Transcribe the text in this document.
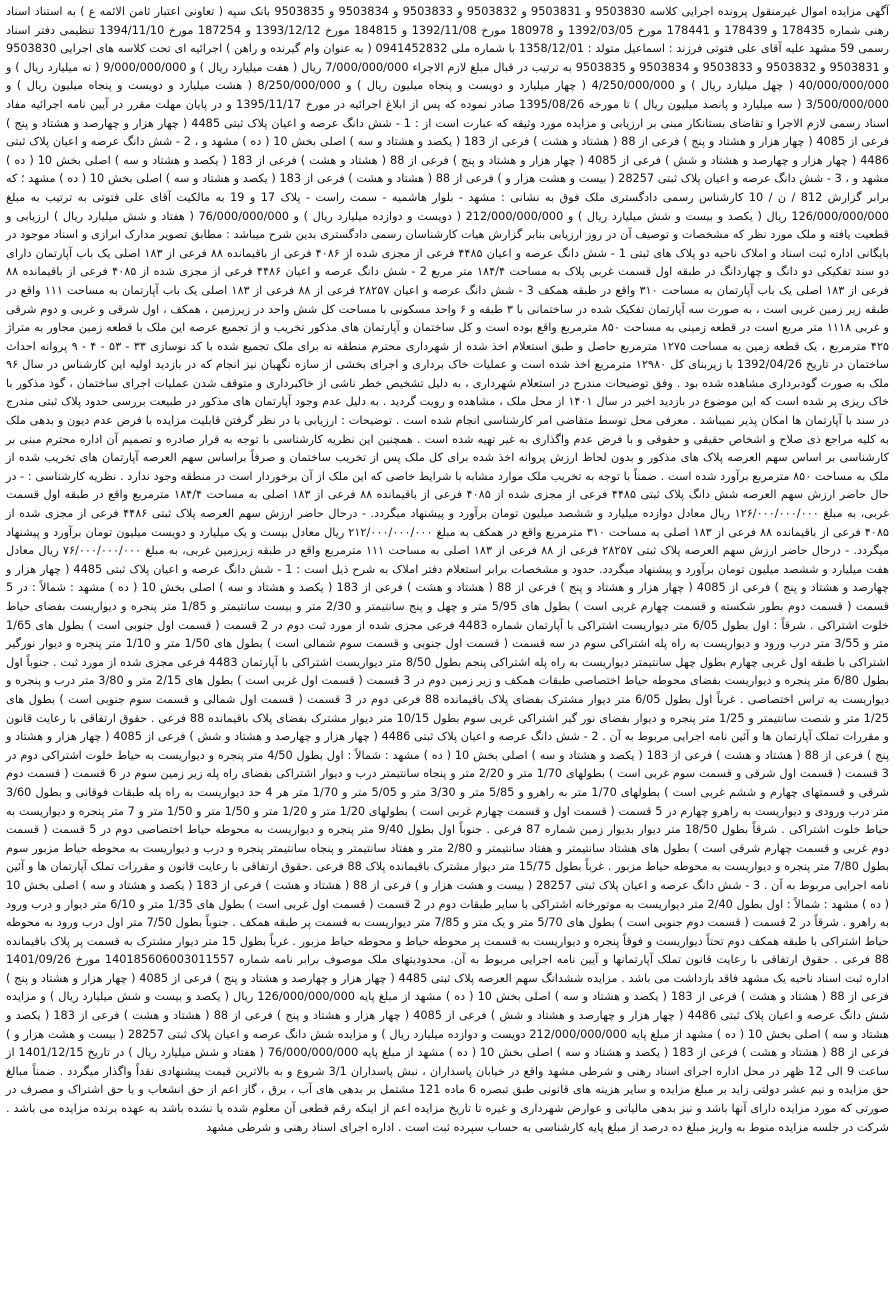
آگهی مزایده اموال غیرمنقول پرونده اجرایی کلاسه 9503830 و 9503831 و 9503832 و 9503833 و 9503834 و 9503835 بانک سپه ( تعاونی اعتبار ثامن الائمه ع ) به استناد اسناد رهنی شماره 178435 و 178439 و 178441 مورخ 1392/03/05 و 180978 مورخ 1392/11/08 و 184815 مورخ 1393/12/12 و 187254 مورخ 1394/11/10 تنظیمی دفتر اسناد رسمی 59 مشهد علیه آقای علی فتوتی فرزند : اسماعیل متولد : 1358/12/01 با شماره ملی 0941452832 ( به عنوان وام گیرنده و راهن ) اجرائیه ای تحت کلاسه های اجرایی 9503830 و 9503831 و 9503832 و 9503833 و 9503834 و 9503835 به ترتیب در قبال مبلغ لازم الاجراء 7/000/000/000 ریال ( هفت میلیارد ریال ) و 9/000/000/000 ( نه میلیارد ریال ) و 40/000/000/000 ( چهل میلیارد ریال ) و 4/250/000/000 ( چهار میلیارد و دویست و پنجاه میلیون ریال ) و 8/250/000/000 ( هشت میلیارد و دویست و پنجاه میلیون ریال ) و 3/500/000/000 ( سه میلیارد و پانصد میلیون ریال ) تا مورخه 1395/08/26 صادر نموده که پس از ابلاغ اجرائیه در مورخ 1395/11/17 و در پایان مهلت مقرر در آیین نامه اجرائیه مفاد اسناد رسمی لازم الاجرا و تقاضای بستانکار مبنی بر ارزیابی و مزایده مورد وثیقه که عبارت است از : 1 - شش دانگ عرصه و اعیان پلاک ثبتی 4485 ( چهار هزار و چهارصد و هشتاد و پنج ) فرعی از 4085 ( چهار هزار و هشتاد و پنج ) فرعی از 88 ( هشتاد و هشت ) فرعی از 183 ( یکصد و هشتاد و سه ) اصلی بخش 10 ( ده ) مشهد و ، 2 - شش دانگ عرصه و اعیان پلاک ثبتی 4486 ( چهار هزار و چهارصد و هشتاد و شش ) فرعی از 4085 ( چهار هزار و هشتاد و پنج ) فرعی از 88 ( هشتاد و هشت ) فرعی از 183 ( یکصد و هشتاد و سه ) اصلی بخش 10 ( ده ) مشهد و ، 3 - شش دانگ عرصه و اعیان پلاک ثبتی 28257 ( بیست و هشت هزار و ) فرعی از 88 ( هشتاد و هشت ) فرعی از 183 ( یکصد و هشتاد و سه ) اصلی بخش 10 ( ده ) مشهد ؛ که برابر گزارش 812 / ن / 10 کارشناس رسمی دادگستری ملک فوق به نشانی : مشهد - بلوار هاشمیه - سمت راست - پلاک 17 و 19 به مالکیت آقای علی فتوتی به ترتیب به مبلغ 126/000/000/000 ریال ( یکصد و بیست و شش میلیارد ریال ) و 212/000/000/000 ( دویست و دوازده میلیارد ریال ) و 76/000/000/000 ( هفتاد و شش میلیارد ریال ) ارزیابی و قطعیت یافته و ملک مورد نظر که مشخصات و توصیف آن در روز ارزیابی بنابر گزارش هیات کارشناسان رسمی دادگستری بدین شرح میباشد : مطابق تصویر مدارک ابرازی و اسناد موجود در بایگانی اداره ثبت اسناد و املاک ناحیه دو پلاک های ثبتی 1 - شش دانگ عرصه و اعیان ۴۴۸۵ فرعی از مجزی شده از ۴۰۸۶ فرعی از باقیمانده ۸۸ فرعی از ۱۸۳ اصلی یک باب آپارتمان دارای دو سند تفکیکی دو دانگ و چهاردانگ در طبقه اول قسمت غربی پلاک به مساحت ۱۸۴/۴ متر مربع 2 - شش دانگ عرصه و اعیان ۴۴۸۶ فرعی از مجزی شده از ۴۰۸۵ فرعی از باقیمانده ۸۸ فرعی از ۱۸۳ اصلی یک باب آپارتمان به مساحت ۳۱۰ واقع در طبقه همکف 3 - شش دانگ عرصه و اعیان ۲۸۲۵۷ فرعی از ۸۸ فرعی از ۱۸۳ اصلی یک باب آپارتمان به مساحت ۱۱۱ واقع در طبقه زیر زمین غربی است ، به صورت سه آپارتمان تفکیک شده در ساختمانی با ۳ طبقه و ۶ واحد مسکونی با مساحت کل شش واحد در زیرزمین ، همکف ، اول شرقی و غربی و دوم شرقی و غربی ۱۱۱۸ متر مربع است در قطعه زمینی به مساحت ۸۵۰ مترمربع واقع بوده است و کل ساختمان و آپارتمان های مذکور تخریب و از تجمیع عرصه این ملک با قطعه زمین مجاور به متراژ ۴۲۵ مترمربع ، یک قطعه زمین به مساحت ۱۲۷۵ مترمربع حاصل و طبق استعلام اخذ شده از شهرداری محترم منطقه نه برای ملک تجمیع شده با کد نوسازی ۳۳ - ۵۳ - ۴ - ۹ پروانه احداث ساختمان در تاریخ 1392/04/26 با زیربنای کل ۱۲۹۸۰ مترمربع اخذ شده است و عملیات خاک برداری و اجرای بخشی از سازه نگهبان نیز انجام که در بازدید اولیه این کارشناس در سال ۹۶ ملک به صورت گودبرداری مشاهده شده بود . وفق توضیحات مندرج در استعلام شهرداری ، به دلیل تشخیص خطر ناشی از خاکبرداری و متوقف شدن عملیات اجرای ساختمان ، گود مذکور با خاک ریزی پر شده است که این موضوع در بازدید اخیر در سال ۱۴۰۱ از محل ملک ، مشاهده و رویت گردید . به دلیل عدم وجود آپارتمان های مذکور در طبیعت بررسی حدود پلاک ثبتی مندرج در سند با آپارتمان ها امکان پذیر نمیباشد . معرفی محل توسط متقاضی امر کارشناسی انجام شده است . توضیحات : ارزیابی با در نظر گرفتن قابلیت مزایده با فرض عدم دیون و بدهی ملک به کلیه مراجع ذی صلاح و اشخاص حقیقی و حقوقی و با فرض عدم واگذاری به غیر تهیه شده است . همچنین این نظریه کارشناسی با توجه به قرار صادره و تصمیم آن اداره محترم مبنی بر کارشناسی بر اساس سهم العرصه پلاک های مذکور و بدون لحاظ ارزش پروانه اخذ شده برای کل ملک پس از تخریب ساختمان و صرفاً براساس سهم العرصه آپارتمان های تخریب شده از ملک به مساحت ۸۵۰ مترمربع برآورد شده است . ضمناً با توجه به تخریب ملک موارد مشابه با شرایط خاصی که این ملک از آن برخوردار است در منطقه وجود ندارد . نظریه کارشناسی : - در حال حاضر ارزش سهم العرصه شش دانگ پلاک ثبتی ۴۴۸۵ فرعی از مجزی شده از ۴۰۸۵ فرعی از باقیمانده ۸۸ فرعی از ۱۸۳ اصلی به مساحت ۱۸۴/۴ مترمربع واقع در طبقه اول قسمت غربی، به مبلغ ۱۲۶/۰۰۰/۰۰۰/۰۰۰ ریال معادل دوازده میلیارد و ششصد میلیون تومان برآورد و پیشنهاد میگردد. - درحال حاضر ارزش سهم العرصه پلاک ثبتی ۴۴۸۶ فرعی از مجزی شده از ۴۰۸۵ فرعی از باقیمانده ۸۸ فرعی از ۱۸۳ اصلی به مساحت ۳۱۰ مترمربع واقع در همکف به مبلغ ۲۱۲/۰۰۰/۰۰۰/۰۰۰ ریال معادل بیست و یک میلیارد و دویست میلیون تومان برآورد و پیشنهاد میگردد. - درحال حاضر ارزش سهم العرصه پلاک ثبتی ۲۸۲۵۷ فرعی از ۸۸ فرعی از ۱۸۳ اصلی به مساحت ۱۱۱ مترمربع واقع در طبقه زیرزمین غربی، به مبلغ ۷۶/۰۰۰/۰۰۰/۰۰۰ ریال معادل هفت میلیارد و ششصد میلیون تومان برآورد و پیشنهاد میگردد. حدود و مشخصات برابر استعلام دفتر املاک به شرح ذیل است : 1 - شش دانگ عرصه و اعیان پلاک ثبتی 4485 ( چهار هزار و چهارصد و هشتاد و پنج ) فرعی از 4085 ( چهار هزار و هشتاد و پنج ) فرعی از 88 ( هشتاد و هشت ) فرعی از 183 ( یکصد و هشتاد و سه ) اصلی بخش 10 ( ده ) مشهد : شمالاً : در 5 قسمت ( قسمت دوم بطور شکسته و قسمت چهارم غربی است ) بطول های 5/95 متر و چهل و پنج سانتیمتر و 2/30 متر و بیست سانتیمتر و 1/85 متر پنجره و دیواریست بفضای حیاط خلوت اشتراکی . شرقاً : اول بطول 6/05 متر دیواریست اشتراکی با آپارتمان شماره 4483 فرعی مجزی شده از مورد ثبت دوم در 2 قسمت ( قسمت اول جنوبی است ) بطول های 1/65 متر و 3/55 متر درب ورود و دیواریست به راه پله اشتراکی سوم در سه قسمت ( قسمت اول جنوبی و قسمت سوم شمالی است ) بطول های 1/50 متر و 1/10 متر پنجره و دیوار نورگیر اشتراکی با طبقه اول غربی چهارم بطول چهل سانتیمتر دیواریست به راه پله اشتراکی پنجم بطول 8/50 متر دیواریست اشتراکی با آپارتمان 4483 فرعی مجزی شده از مورد ثبت . جنوباً اول بطول 6/80 متر پنجره و دیواریست بفضای محوطه حیاط اختصاصی طبقات همکف و زیر زمین دوم در 3 قسمت ( قسمت اول غربی است ) بطول های 2/15 متر و 3/80 متر درب و پنجره و دیواریست به تراس اختصاصی . غرباً اول بطول 6/05 متر دیوار مشترک بفضای پلاک باقیمانده 88 فرعی دوم در 3 قسمت ( قسمت اول شمالی و قسمت سوم جنوبی است ) بطول های 1/25 متر و شصت سانتیمتر و 1/25 متر پنجره و دیوار بفضای نور گیر اشتراکی غربی سوم بطول 10/15 متر دیوار مشترک بفضای پلاک باقیمانده 88 فرعی . حقوق ارتفاقی با رعایت قانون و مقررات تملک آپارتمان ها و آئین نامه اجرایی مربوط به آن . 2 - شش دانگ عرصه و اعیان پلاک ثبتی 4486 ( چهار هزار و چهارصد و هشتاد و شش ) فرعی از 4085 ( چهار هزار و هشتاد و پنج ) فرعی از 88 ( هشتاد و هشت ) فرعی از 183 ( یکصد و هشتاد و سه ) اصلی بخش 10 ( ده ) مشهد : شمالاً : اول بطول 4/50 متر پنجره و دیواریست به حیاط خلوت اشتراکی دوم در 3 قسمت ( قسمت اول شرقی و قسمت سوم غربی است ) بطولهای 1/70 متر و 2/20 متر و پنجاه سانتیمتر درب و دیوار اشتراکی بفضای راه پله زیر زمین سوم در 6 قسمت ( قسمت دوم شرقی و قسمتهای چهارم و ششم غربی است ) بطولهای 1/70 متر به راهرو و 5/85 متر و 3/30 متر و 5/05 متر و 1/70 متر هر 4 حد دیواریست به راه پله طبقات فوقانی و بطول 3/60 متر درب ورودی و دیواریست به راهرو چهارم در 5 قسمت ( قسمت اول و قسمت چهارم غربی است ) بطولهای 1/20 متر و 1/20 متر و 1/50 متر و 1/50 متر و 7 متر پنجره و دیواریست به حیاط خلوت اشتراکی . شرقاً بطول 18/50 متر دیوار بدیوار زمین شماره 87 فرعی . جنوباً اول بطول 9/40 متر پنجره و دیواریست به محوطه حیاط اختصاصی دوم در 5 قسمت ( قسمت دوم غربی و قسمت چهارم شرقی است ) بطول های هشتاد سانتیمتر و هفتاد سانتیمتر و 2/80 متر و هفتاد سانتیمتر و پنجاه سانتیمتر پنجره و درب و دیواریست به محوطه حیاط مزبور سوم بطول 7/80 متر پنجره و دیواریست به محوطه حیاط مزبور . غرباً بطول 15/75 متر دیوار مشترک باقیمانده پلاک 88 فرعی .حقوق ارتفاقی با رعایت قانون و مقررات تملک آپارتمان ها و آئین نامه اجرایی مربوط به آن . 3 - شش دانگ عرصه و اعیان پلاک ثبتی 28257 ( بیست و هشت هزار و ) فرعی از 88 ( هشتاد و هشت ) فرعی از 183 ( یکصد و هشتاد و سه ) اصلی بخش 10 ( ده ) مشهد : شمالاً : اول بطول 2/40 متر دیواریست به موتورخانه اشتراکی با سایر طبقات دوم در 2 قسمت ( قسمت اول غربی است ) بطول های 1/35 متر و 6/10 متر دیوار و درب ورود به راهرو . شرقاً در 2 قسمت ( قسمت دوم جنوبی است ) بطول های 5/70 متر و یک متر و 7/85 متر دیواریست به قسمت پر طبقه همکف . جنوباً بطول 7/50 متر اول درب ورود به محوطه حیاط اشتراکی با طبقه همکف دوم تحتاً دیواریست و فوقاً پنجره و دیواریست به قسمت پر محوطه حیاط و محوطه حیاط مزبور . غرباً بطول 15 متر دیوار مشترک به قسمت پر پلاک باقیمانده 88 فرعی . حقوق ارتفاقی با رعایت قانون تملک آپارتمانها و آیین نامه اجرایی مربوط به آن. محدودیتهای ملک موصوف برابر نامه شماره 140185606003011557 مورخ 1401/09/26 اداره ثبت اسناد ناحیه یک مشهد فاقد بازداشت می باشد . مزایده ششدانگ سهم العرصه پلاک ثبتی 4485 ( چهار هزار و چهارصد و هشتاد و پنج ) فرعی از 4085 ( چهار هزار و هشتاد و پنج ) فرعی از 88 ( هشتاد و هشت ) فرعی از 183 ( یکصد و هشتاد و سه ) اصلی بخش 10 ( ده ) مشهد از مبلغ پایه 126/000/000/000 ریال ( یکصد و بیست و شش میلیارد ریال ) و مزایده شش دانگ عرصه و اعیان پلاک ثبتی 4486 ( چهار هزار و چهارصد و هشتاد و شش ) فرعی از 4085 ( چهار هزار و هشتاد و پنج ) فرعی از 88 ( هشتاد و هشت ) فرعی از 183 ( یکصد و هشتاد و سه ) اصلی بخش 10 ( ده ) مشهد از مبلغ پایه 212/000/000/000 دویست و دوازده میلیارد ریال ) و مزایده شش دانگ عرصه و اعیان پلاک ثبتی 28257 ( بیست و هشت هزار و ) فرعی از 88 ( هشتاد و هشت ) فرعی از 183 ( یکصد و هشتاد و سه ) اصلی بخش 10 ( ده ) مشهد از مبلغ پایه 76/000/000/000 ( هفتاد و شش میلیارد ریال ) در تاریخ 1401/12/15 از ساعت 9 الی 12 ظهر در محل اداره اجرای اسناد رهنی و شرطی مشهد واقع در خیابان پاسداران ، نبش پاسداران 3/1 شروع و به بالاترین قیمت پیشنهادی نقداً واگذار میگردد . ضمناً مبالغ حق مزایده و نیم عشر دولتی زاید بر مبلغ مزایده و سایر هزینه های قانونی طبق تبصره 6 ماده 121 مشتمل بر بدهی های آب ، برق ، گاز اعم از حق انشعاب و یا حق اشتراک و مصرف در صورتی که مورد مزایده دارای آنها باشد و نیز بدهی مالیاتی و عوارض شهرداری و غیره تا تاریخ مزایده اعم از اینکه رقم قطعی آن معلوم شده یا نشده باشد به عهده برنده مزایده می باشد . شرکت در جلسه مزایده منوط به واریز مبلغ ده درصد از مبلغ پایه کارشناسی به حساب سپرده ثبت است . اداره اجرای اسناد رهنی و شرطی مشهد
